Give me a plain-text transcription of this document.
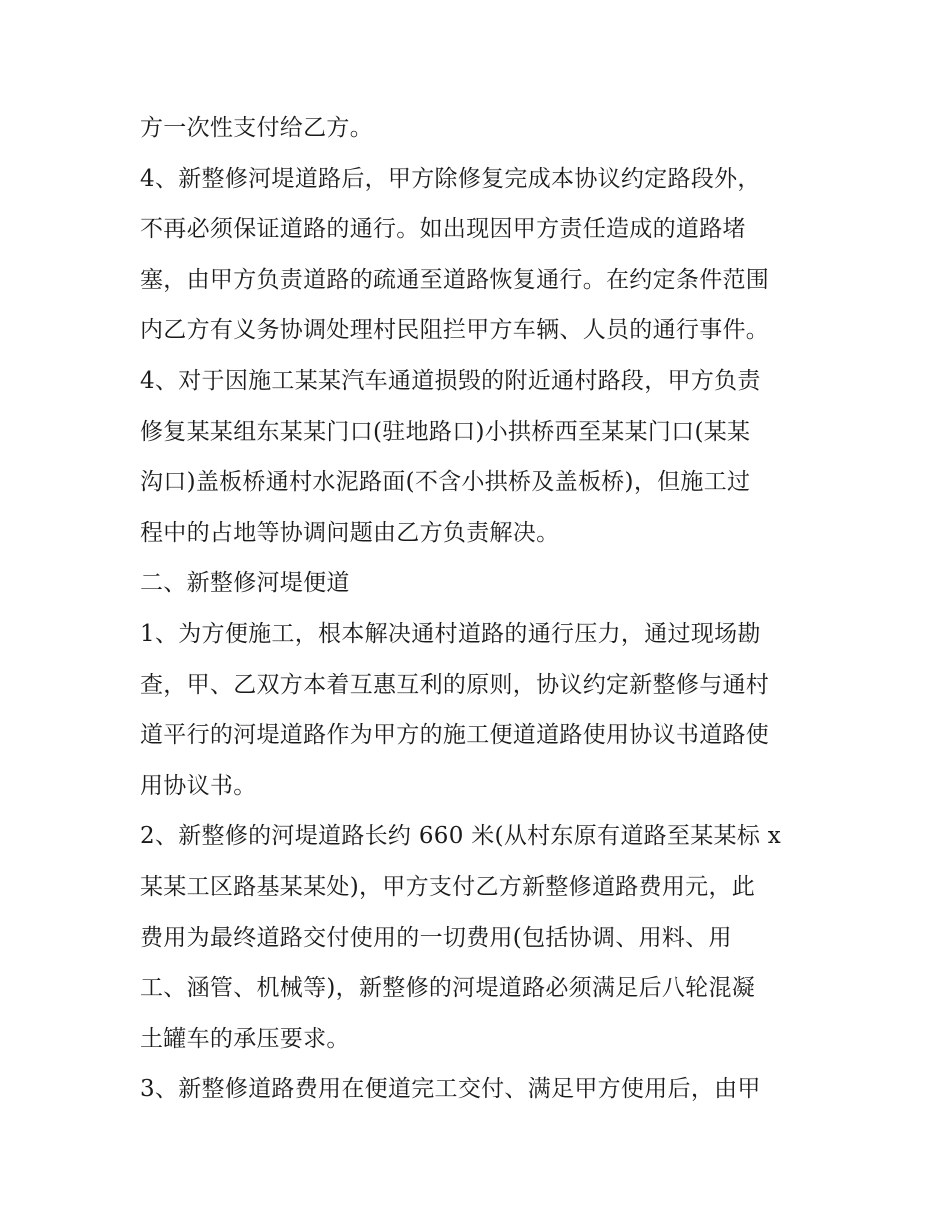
方一次性支付给乙方。
4、新整修河堤道路后，甲方除修复完成本协议约定路段外，
不再必须保证道路的通行。如出现因甲方责任造成的道路堵
塞，由甲方负责道路的疏通至道路恢复通行。在约定条件范围
内乙方有义务协调处理村民阻拦甲方车辆、人员的通行事件。
4、对于因施工某某汽车通道损毁的附近通村路段，甲方负责
修复某某组东某某门口(驻地路口)小拱桥西至某某门口(某某
沟口)盖板桥通村水泥路面(不含小拱桥及盖板桥)，但施工过
程中的占地等协调问题由乙方负责解决。
二、新整修河堤便道
1、为方便施工，根本解决通村道路的通行压力，通过现场勘
查，甲、乙双方本着互惠互利的原则，协议约定新整修与通村
道平行的河堤道路作为甲方的施工便道道路使用协议书道路使
用协议书。
2、新整修的河堤道路长约 660 米(从村东原有道路至某某标 x
某某工区路基某某处)，甲方支付乙方新整修道路费用元，此
费用为最终道路交付使用的一切费用(包括协调、用料、用
工、涵管、机械等)，新整修的河堤道路必须满足后八轮混凝
土罐车的承压要求。
3、新整修道路费用在便道完工交付、满足甲方使用后，由甲
